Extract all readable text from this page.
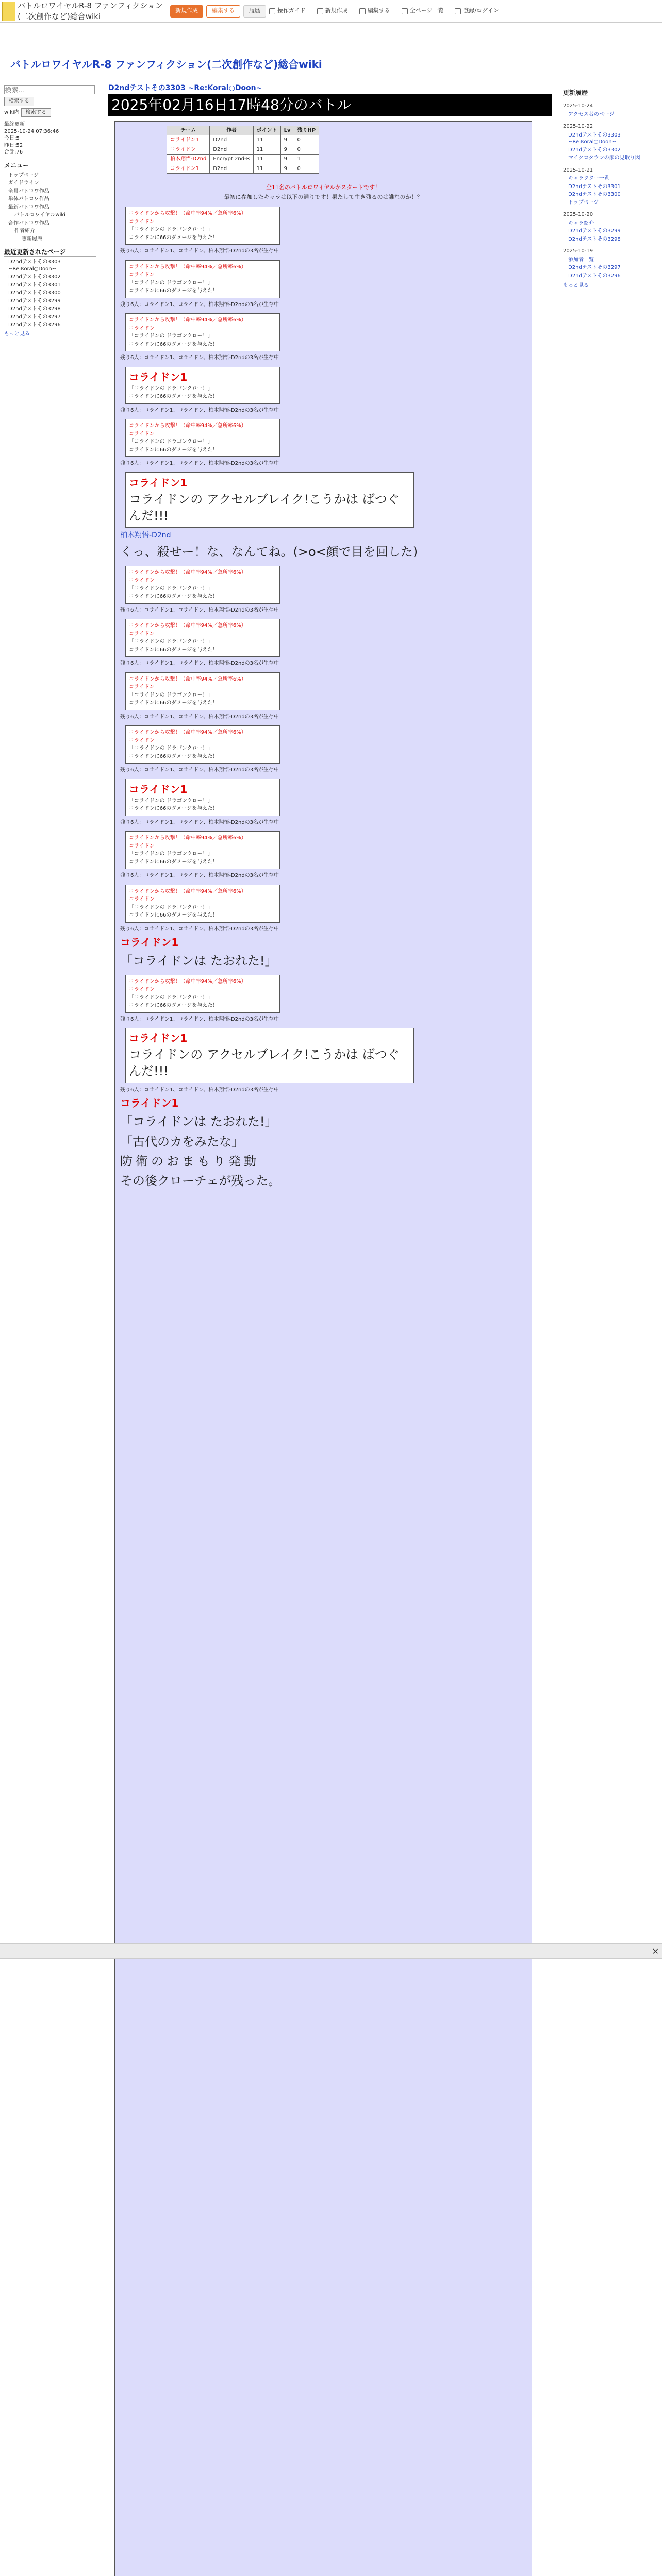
バトルロワイヤルR-8 ファンフィクション(二次創作など)総合wiki
新規作成	編集する	履歴	操作ガイド	新規作成	編集する	全ページ一覧	登録/ログイン
バトルロワイヤルR-8 ファンフィクション(二次創作など)総合wiki
検索... 検索する
wiki内 検索する
最終更新
2025-10-24 07:36:46
今日:5
昨日:52
合計:76
メニュー
トップページ
ガイドライン
全員バトロワ作品
単体バトロワ作品
最新バトロワ作品
バトルロワイヤルwiki
合作バトロワ作品
作者紹介
更新履歴
最近更新されたページ
D2ndテストその3303 ~Re:Koral○Doon~
D2ndテストその3302
D2ndテストその3301
D2ndテストその3300
D2ndテストその3299
D2ndテストその3298
D2ndテストその3297
D2ndテストその3296
もっと見る
D2ndテストその3303 ~Re:Koral○Doon~
2025年02月16日17時48分のバトル
チーム	作者	ポイント	Lv	残りHP
コライドン1	D2nd	11	9	0
コライドン	D2nd	11	9	0
柏木翔悟-D2nd	Encrypt 2nd-R	11	9	1
コライドン1	D2nd	11	9	0
全11名のバトルロワイヤルがスタートです！
最初に参加したキャラは以下の通りです！果たして生き残るのは誰なのか！？
コライドンから攻撃！（命中率94%／急所率6%）
コライドン
「コライドンの ドラゴンクロー！」
コライドンに66のダメージを与えた！
残り6人：コライドン1、コライドン、柏木翔悟-D2ndの3名が生存中
コライドンから攻撃！（命中率94%／急所率6%）
コライドン
「コライドンの ドラゴンクロー！」
コライドンに66のダメージを与えた！
残り6人：コライドン1、コライドン、柏木翔悟-D2ndの3名が生存中
コライドンから攻撃！（命中率94%／急所率6%）
コライドン
「コライドンの ドラゴンクロー！」
コライドンに66のダメージを与えた！
残り6人：コライドン1、コライドン、柏木翔悟-D2ndの3名が生存中
コライドン1
「コライドンの ドラゴンクロー！」
コライドンに66のダメージを与えた！
残り6人：コライドン1、コライドン、柏木翔悟-D2ndの3名が生存中
コライドンから攻撃！（命中率94%／急所率6%）
コライドン
「コライドンの ドラゴンクロー！」
コライドンに66のダメージを与えた！
残り6人：コライドン1、コライドン、柏木翔悟-D2ndの3名が生存中
コライドン1
コライドンの アクセルブレイク!こうかは ばつぐんだ!!!
柏木翔悟-D2nd
くっ、殺せー！な、なんてね。(>o<顔で目を回した)
コライドンから攻撃！（命中率94%／急所率6%）
コライドン
「コライドンの ドラゴンクロー！」
コライドンに66のダメージを与えた！
残り6人：コライドン1、コライドン、柏木翔悟-D2ndの3名が生存中
コライドンから攻撃！（命中率94%／急所率6%）
コライドン
「コライドンの ドラゴンクロー！」
コライドンに66のダメージを与えた！
残り6人：コライドン1、コライドン、柏木翔悟-D2ndの3名が生存中
コライドンから攻撃！（命中率94%／急所率6%）
コライドン
「コライドンの ドラゴンクロー！」
コライドンに66のダメージを与えた！
残り6人：コライドン1、コライドン、柏木翔悟-D2ndの3名が生存中
コライドンから攻撃！（命中率94%／急所率6%）
コライドン
「コライドンの ドラゴンクロー！」
コライドンに66のダメージを与えた！
残り6人：コライドン1、コライドン、柏木翔悟-D2ndの3名が生存中
コライドン1
「コライドンの ドラゴンクロー！」
コライドンに66のダメージを与えた！
残り6人：コライドン1、コライドン、柏木翔悟-D2ndの3名が生存中
コライドンから攻撃！（命中率94%／急所率6%）
コライドン
「コライドンの ドラゴンクロー！」
コライドンに66のダメージを与えた！
残り6人：コライドン1、コライドン、柏木翔悟-D2ndの3名が生存中
コライドンから攻撃！（命中率94%／急所率6%）
コライドン
「コライドンの ドラゴンクロー！」
コライドンに66のダメージを与えた！
残り6人：コライドン1、コライドン、柏木翔悟-D2ndの3名が生存中
コライドン1
「コライドンは たおれた!」
コライドンから攻撃！（命中率94%／急所率6%）
コライドン
「コライドンの ドラゴンクロー！」
コライドンに66のダメージを与えた！
残り6人：コライドン1、コライドン、柏木翔悟-D2ndの3名が生存中
コライドン1
コライドンの アクセルブレイク!こうかは ばつぐんだ!!!
残り6人：コライドン1、コライドン、柏木翔悟-D2ndの3名が生存中
コライドン1
「コライドンは たおれた!」
「古代のカをみたな」
防衛のおまもり発動
その後クローチェが残った。

更新履歴
2025-10-24
アクセス者のページ
2025-10-22
D2ndテストその3303 ~Re:Koral○Doon~
D2ndテストその3302
マイクロタウンの家の見取り図
2025-10-21
キャラクター一覧
D2ndテストその3301
D2ndテストその3300
トップページ
2025-10-20
キャラ紹介
D2ndテストその3299
D2ndテストその3298
2025-10-19
参加者一覧
D2ndテストその3297
D2ndテストその3296
もっと見る
✕
